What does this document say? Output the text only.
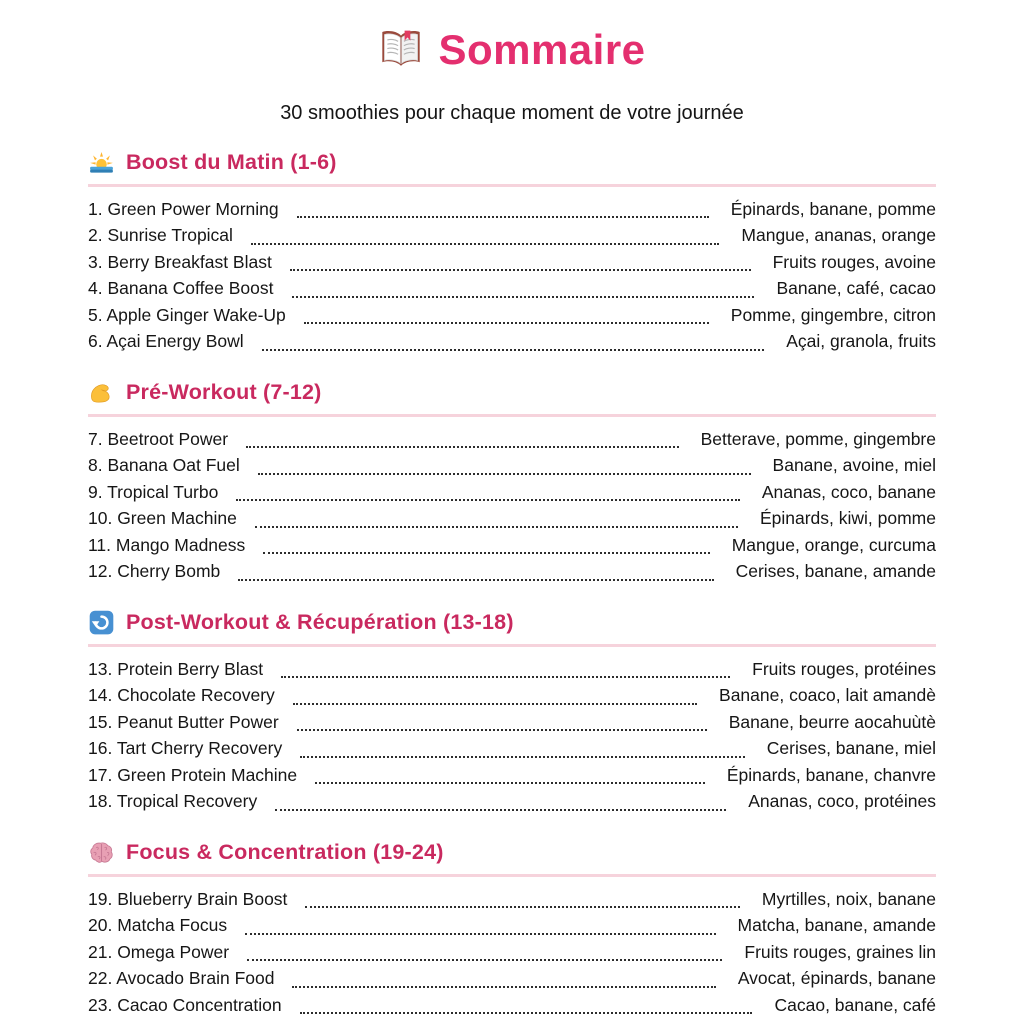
Sommaire
30 smoothies pour chaque moment de votre journée
Boost du Matin (1-6)
1. Green Power Morning	Épinards, banane, pomme
2. Sunrise Tropical	Mangue, ananas, orange
3. Berry Breakfast Blast	Fruits rouges, avoine
4. Banana Coffee Boost	Banane, café, cacao
5. Apple Ginger Wake-Up	Pomme, gingembre, citron
6. Açai Energy Bowl	Açai, granola, fruits
Pré-Workout (7-12)
7. Beetroot Power	Betterave, pomme, gingembre
8. Banana Oat Fuel	Banane, avoine, miel
9. Tropical Turbo	Ananas, coco, banane
10. Green Machine	Épinards, kiwi, pomme
11. Mango Madness	Mangue, orange, curcuma
12. Cherry Bomb	Cerises, banane, amande
Post-Workout & Récupération (13-18)
13. Protein Berry Blast	Fruits rouges, protéines
14. Chocolate Recovery	Banane, coaco, lait amandè
15. Peanut Butter Power	Banane, beurre aocahuùtè
16. Tart Cherry Recovery	Cerises, banane, miel
17. Green Protein Machine	Épinards, banane, chanvre
18. Tropical Recovery	Ananas, coco, protéines
Focus & Concentration (19-24)
19. Blueberry Brain Boost	Myrtilles, noix, banane
20. Matcha Focus	Matcha, banane, amande
21. Omega Power	Fruits rouges, graines lin
22. Avocado Brain Food	Avocat, épinards, banane
23. Cacao Concentration	Cacao, banane, café
